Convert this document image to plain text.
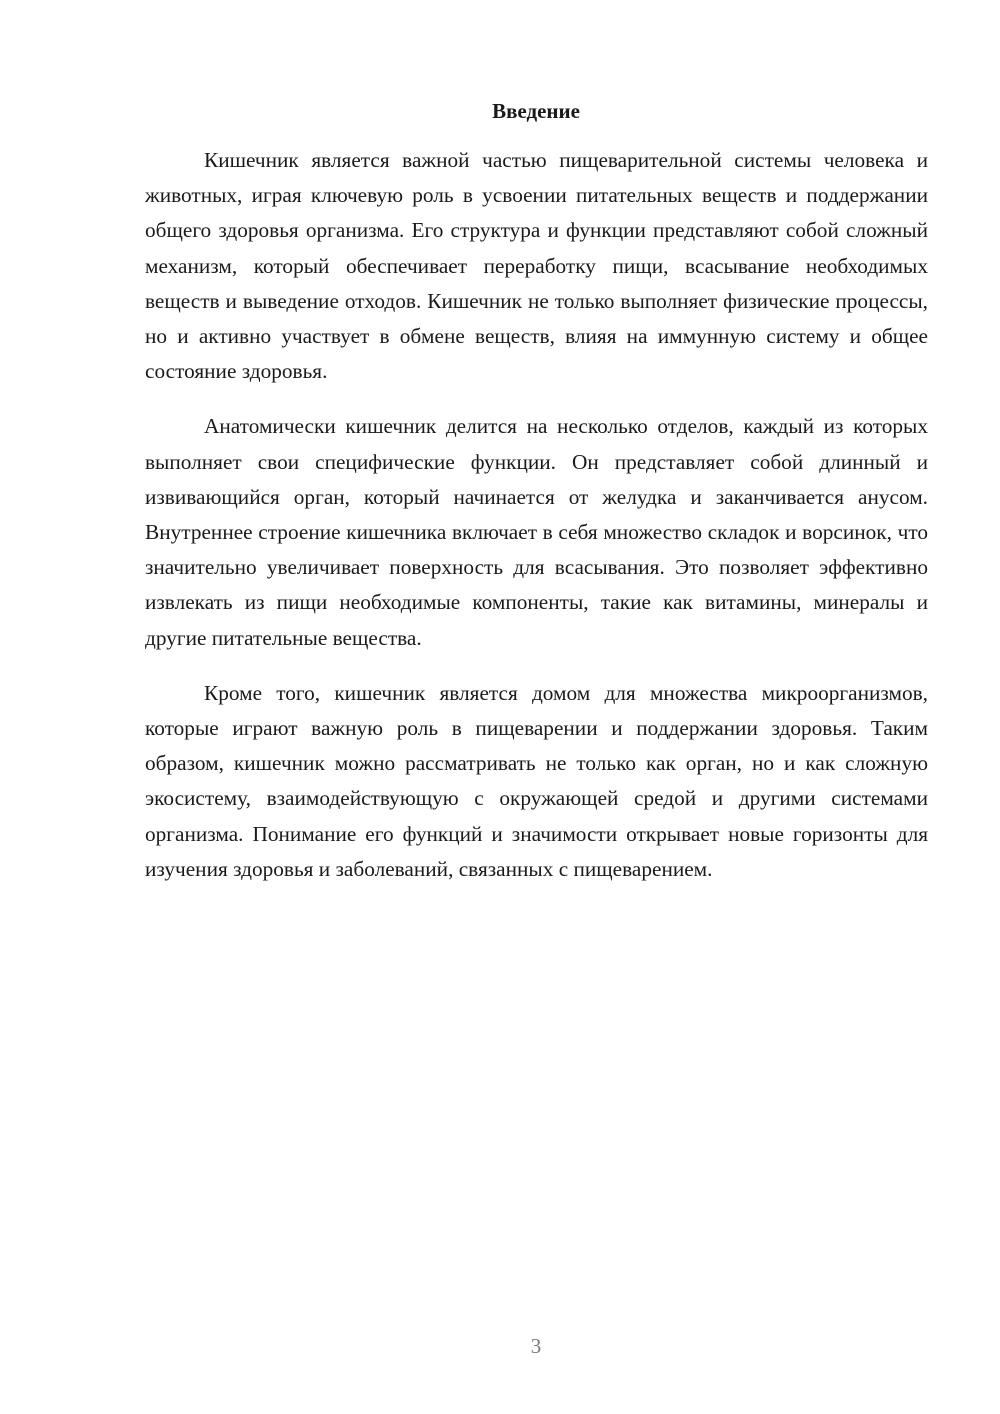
Введение

Кишечник является важной частью пищеварительной системы человека и животных, играя ключевую роль в усвоении питательных веществ и поддержании общего здоровья организма. Его структура и функции представляют собой сложный механизм, который обеспечивает переработку пищи, всасывание необходимых веществ и выведение отходов. Кишечник не только выполняет физические процессы, но и активно участвует в обмене веществ, влияя на иммунную систему и общее состояние здоровья.

Анатомически кишечник делится на несколько отделов, каждый из которых выполняет свои специфические функции. Он представляет собой длинный и извивающийся орган, который начинается от желудка и заканчивается анусом. Внутреннее строение кишечника включает в себя множество складок и ворсинок, что значительно увеличивает поверхность для всасывания. Это позволяет эффективно извлекать из пищи необходимые компоненты, такие как витамины, минералы и другие питательные вещества.

Кроме того, кишечник является домом для множества микроорганизмов, которые играют важную роль в пищеварении и поддержании здоровья. Таким образом, кишечник можно рассматривать не только как орган, но и как сложную экосистему, взаимодействующую с окружающей средой и другими системами организма. Понимание его функций и значимости открывает новые горизонты для изучения здоровья и заболеваний, связанных с пищеварением.

3
